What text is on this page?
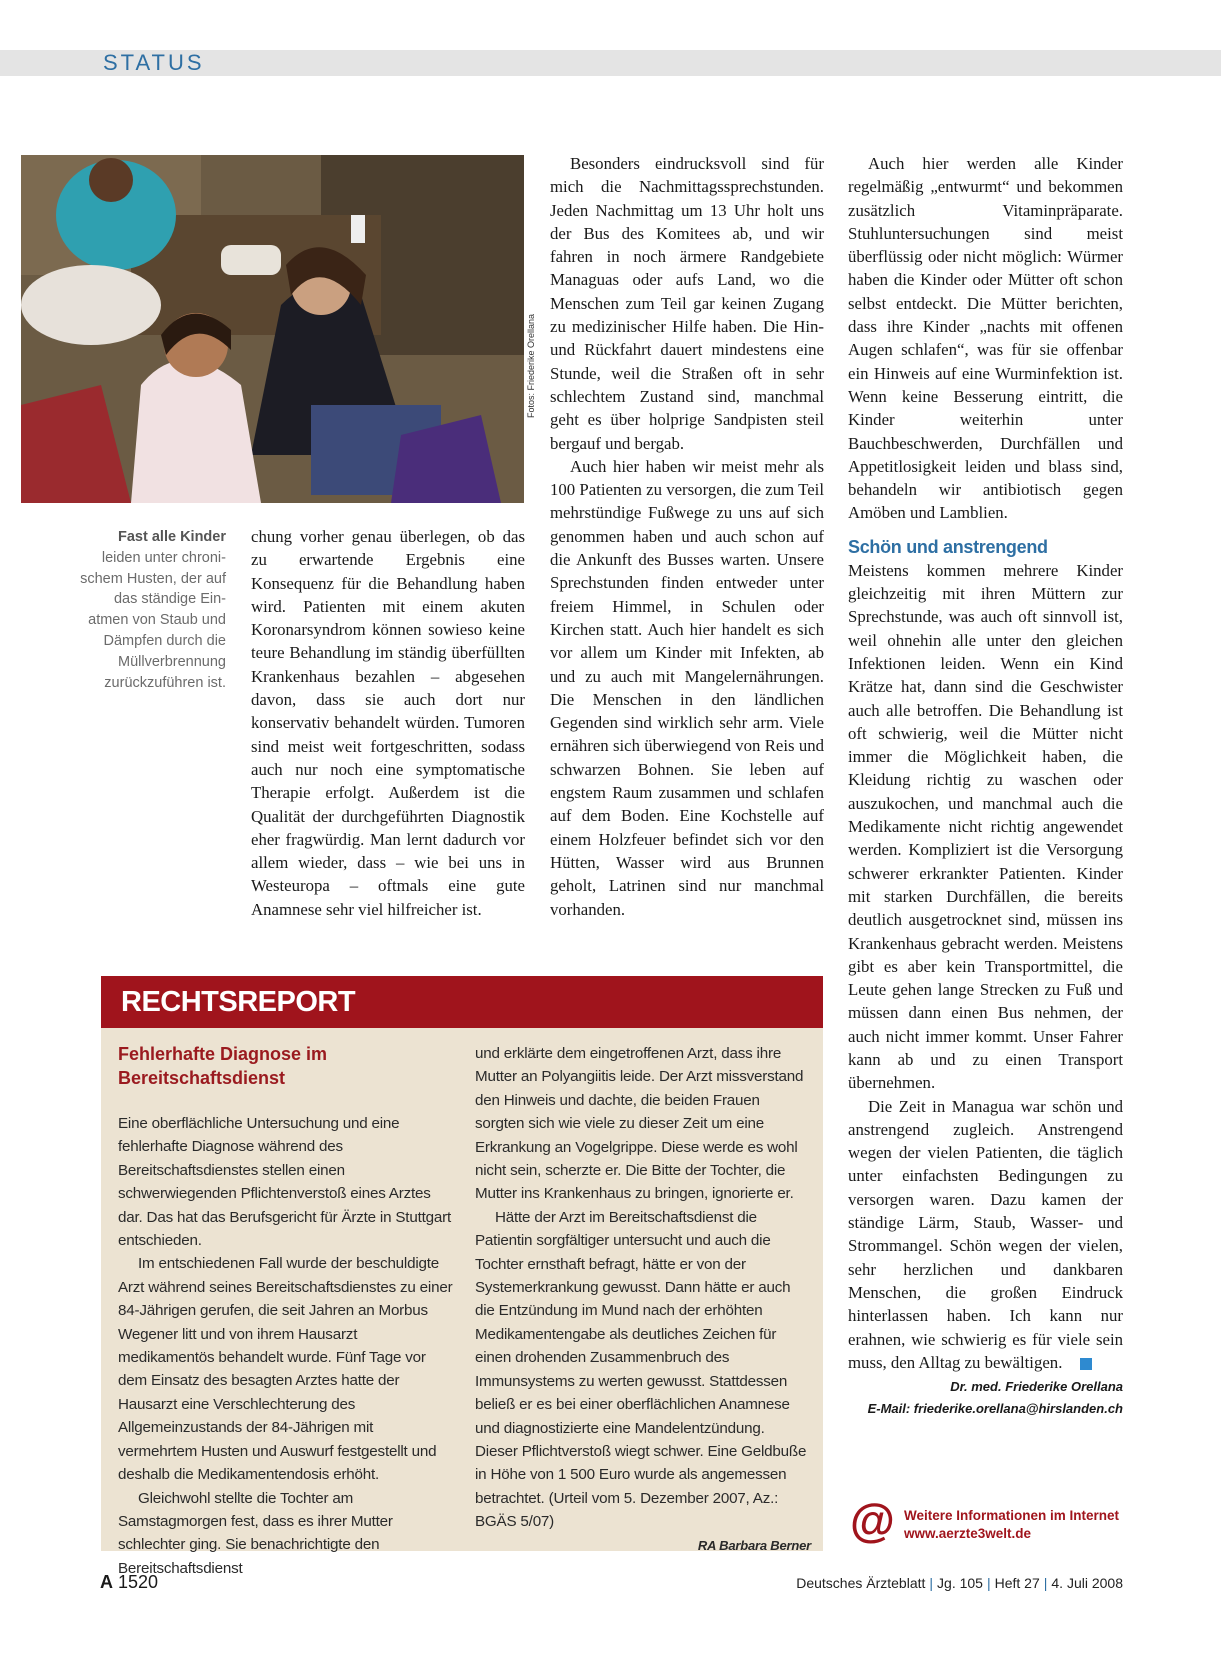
STATUS
Fotos: Friederike Orellana
Fast alle Kinder leiden unter chroni-schem Husten, der auf das ständige Ein-atmen von Staub und Dämpfen durch die Müllverbrennung zurückzuführen ist.

chung vorher genau überlegen, ob das zu erwartende Ergebnis eine Konsequenz für die Behandlung haben wird. Patienten mit einem akuten Koronarsyndrom können sowieso keine teure Behandlung im ständig überfüllten Krankenhaus bezahlen – abgesehen davon, dass sie auch dort nur konservativ behandelt würden. Tumoren sind meist weit fortgeschritten, sodass auch nur noch eine symptomatische Therapie erfolgt. Außerdem ist die Qualität der durchgeführten Diagnostik eher fragwürdig. Man lernt dadurch vor allem wieder, dass – wie bei uns in Westeuropa – oftmals eine gute Anamnese sehr viel hilfreicher ist.

Besonders eindrucksvoll sind für mich die Nachmittagssprechstunden. Jeden Nachmittag um 13 Uhr holt uns der Bus des Komitees ab, und wir fahren in noch ärmere Randgebiete Managuas oder aufs Land, wo die Menschen zum Teil gar keinen Zugang zu medizinischer Hilfe haben. Die Hin- und Rückfahrt dauert mindestens eine Stunde, weil die Straßen oft in sehr schlechtem Zustand sind, manchmal geht es über holprige Sandpisten steil bergauf und bergab.

Auch hier haben wir meist mehr als 100 Patienten zu versorgen, die zum Teil mehrstündige Fußwege zu uns auf sich genommen haben und auch schon auf die Ankunft des Busses warten. Unsere Sprechstunden finden entweder unter freiem Himmel, in Schulen oder Kirchen statt. Auch hier handelt es sich vor allem um Kinder mit Infekten, ab und zu auch mit Mangelernährungen. Die Menschen in den ländlichen Gegenden sind wirklich sehr arm. Viele ernähren sich überwiegend von Reis und schwarzen Bohnen. Sie leben auf engstem Raum zusammen und schlafen auf dem Boden. Eine Kochstelle auf einem Holzfeuer befindet sich vor den Hütten, Wasser wird aus Brunnen geholt, Latrinen sind nur manchmal vorhanden.

Auch hier werden alle Kinder regelmäßig „entwurmt“ und bekommen zusätzlich Vitaminpräparate. Stuhluntersuchungen sind meist überflüssig oder nicht möglich: Würmer haben die Kinder oder Mütter oft schon selbst entdeckt. Die Mütter berichten, dass ihre Kinder „nachts mit offenen Augen schlafen“, was für sie offenbar ein Hinweis auf eine Wurminfektion ist. Wenn keine Besserung eintritt, die Kinder weiterhin unter Bauchbeschwerden, Durchfällen und Appetitlosigkeit leiden und blass sind, behandeln wir antibiotisch gegen Amöben und Lamblien.

Schön und anstrengend

Meistens kommen mehrere Kinder gleichzeitig mit ihren Müttern zur Sprechstunde, was auch oft sinnvoll ist, weil ohnehin alle unter den gleichen Infektionen leiden. Wenn ein Kind Krätze hat, dann sind die Geschwister auch alle betroffen. Die Behandlung ist oft schwierig, weil die Mütter nicht immer die Möglichkeit haben, die Kleidung richtig zu waschen oder auszukochen, und manchmal auch die Medikamente nicht richtig angewendet werden. Kompliziert ist die Versorgung schwerer erkrankter Patienten. Kinder mit starken Durchfällen, die bereits deutlich ausgetrocknet sind, müssen ins Krankenhaus gebracht werden. Meistens gibt es aber kein Transportmittel, die Leute gehen lange Strecken zu Fuß und müssen dann einen Bus nehmen, der auch nicht immer kommt. Unser Fahrer kann ab und zu einen Transport übernehmen.

Die Zeit in Managua war schön und anstrengend zugleich. Anstrengend wegen der vielen Patienten, die täglich unter einfachsten Bedingungen zu versorgen waren. Dazu kamen der ständige Lärm, Staub, Wasser- und Strommangel. Schön wegen der vielen, sehr herzlichen und dankbaren Menschen, die großen Eindruck hinterlassen haben. Ich kann nur erahnen, wie schwierig es für viele sein muss, den Alltag zu bewältigen.

Dr. med. Friederike Orellana
E-Mail: friederike.orellana@hirslanden.ch
RECHTSREPORT
Fehlerhafte Diagnose im Bereitschaftsdienst

Eine oberflächliche Untersuchung und eine fehlerhafte Diagnose während des Bereitschaftsdienstes stellen einen schwerwiegenden Pflichtenverstoß eines Arztes dar. Das hat das Berufsgericht für Ärzte in Stuttgart entschieden.

Im entschiedenen Fall wurde der beschuldigte Arzt während seines Bereitschaftsdienstes zu einer 84-Jährigen gerufen, die seit Jahren an Morbus Wegener litt und von ihrem Hausarzt medikamentös behandelt wurde. Fünf Tage vor dem Einsatz des besagten Arztes hatte der Hausarzt eine Verschlechterung des Allgemeinzustands der 84-Jährigen mit vermehrtem Husten und Auswurf festgestellt und deshalb die Medikamentendosis erhöht.

Gleichwohl stellte die Tochter am Samstagmorgen fest, dass es ihrer Mutter schlechter ging. Sie benachrichtigte den Bereitschaftsdienst

und erklärte dem eingetroffenen Arzt, dass ihre Mutter an Polyangiitis leide. Der Arzt missverstand den Hinweis und dachte, die beiden Frauen sorgten sich wie viele zu dieser Zeit um eine Erkrankung an Vogelgrippe. Diese werde es wohl nicht sein, scherzte er. Die Bitte der Tochter, die Mutter ins Krankenhaus zu bringen, ignorierte er.

Hätte der Arzt im Bereitschaftsdienst die Patientin sorgfältiger untersucht und auch die Tochter ernsthaft befragt, hätte er von der Systemerkrankung gewusst. Dann hätte er auch die Entzündung im Mund nach der erhöhten Medikamentengabe als deutliches Zeichen für einen drohenden Zusammenbruch des Immunsystems zu werten gewusst. Stattdessen beließ er es bei einer oberflächlichen Anamnese und diagnostizierte eine Mandelentzündung. Dieser Pflichtverstoß wiegt schwer. Eine Geldbuße in Höhe von 1 500 Euro wurde als angemessen betrachtet. (Urteil vom 5. Dezember 2007, Az.: BGÄS 5/07)

RA Barbara Berner @ Weitere Informationen im Internet
www.aerzte3welt.de
A 1520	Deutsches Ärzteblatt | Jg. 105 | Heft 27 | 4. Juli 2008
